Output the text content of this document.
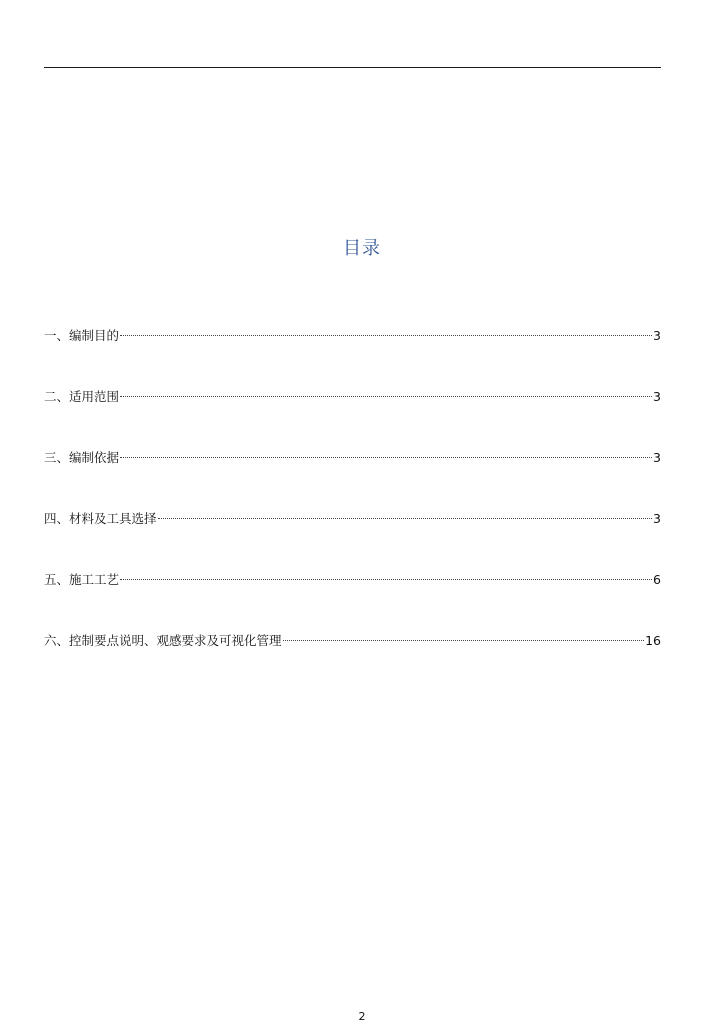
目录
一、编制目的	3
二、适用范围	3
三、编制依据	3
四、材料及工具选择	3
五、施工工艺	6
六、控制要点说明、观感要求及可视化管理	16
2
